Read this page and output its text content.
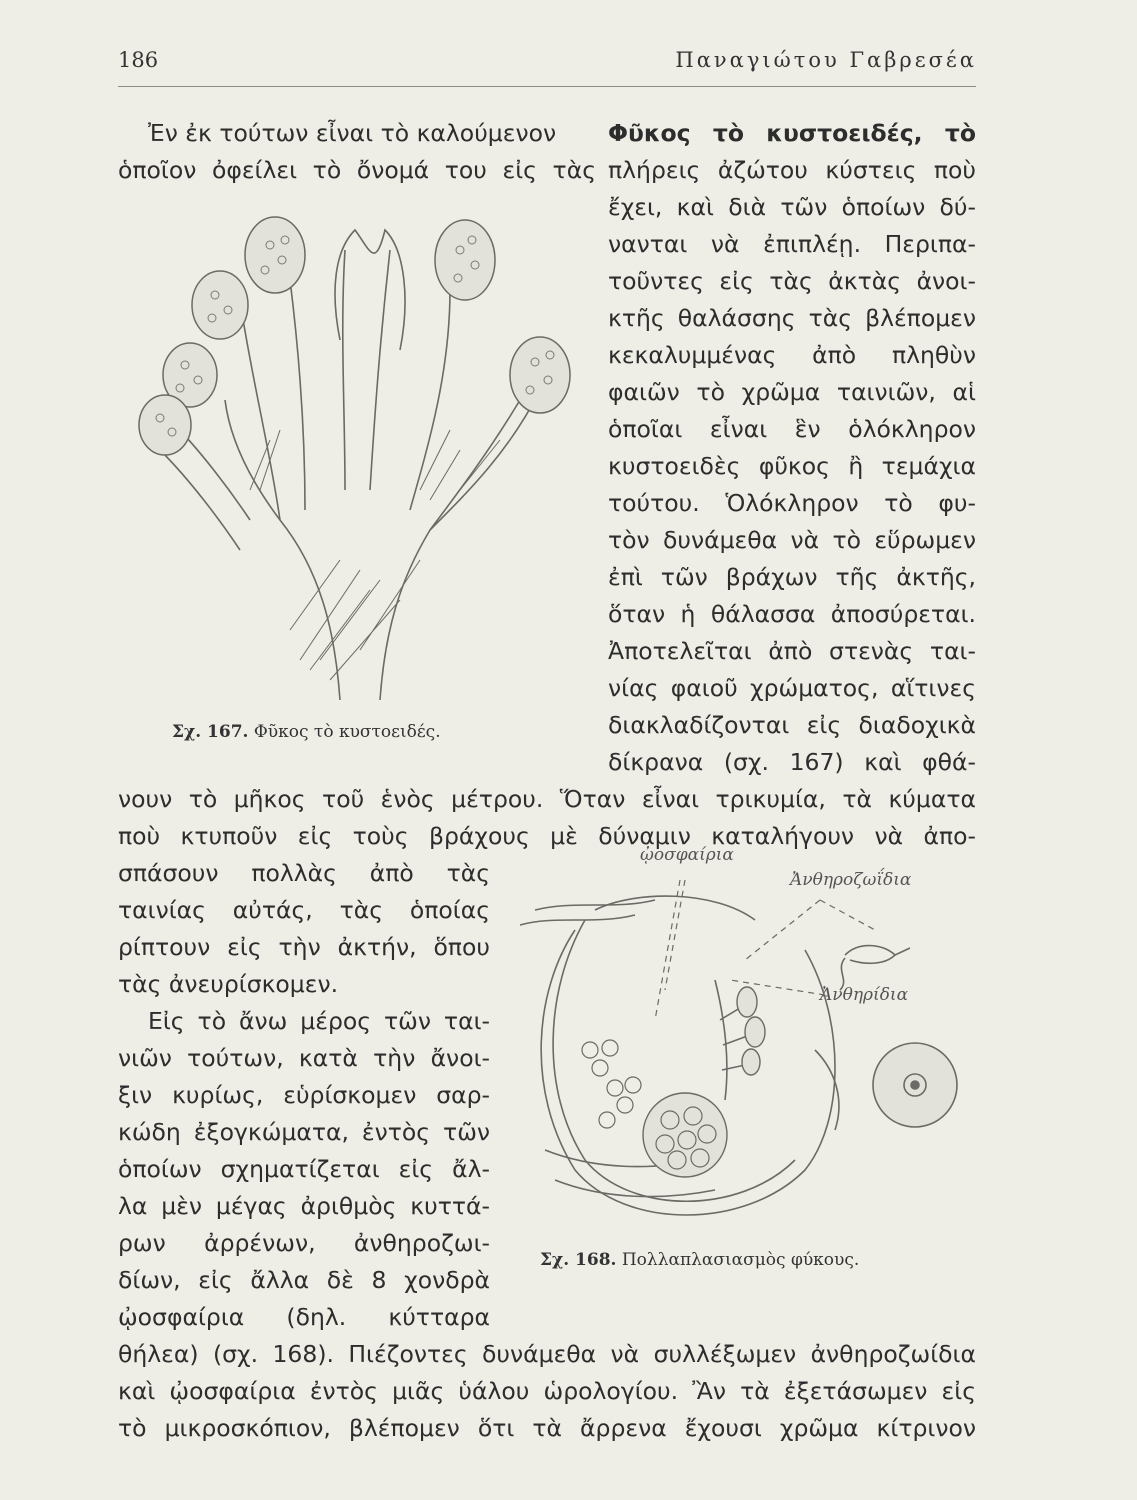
186	Παναγιώτου Γαβρεσέα
Ἐν ἐκ τούτων εἶναι τὸ καλούμενον Φῦκος τὸ κυστοειδές, τὸ
ὁποῖον ὀφείλει τὸ ὄνομά του εἰς τὰς πλήρεις ἀζώτου κύστεις ποὺ
ἔχει, καὶ διὰ τῶν ὁποίων δύ-
νανται νὰ ἐπιπλέῃ. Περιπα-
τοῦντες εἰς τὰς ἀκτὰς ἀνοι-
κτῆς θαλάσσης τὰς βλέπομεν
κεκαλυμμένας ἀπὸ πληθὺν
φαιῶν τὸ χρῶμα ταινιῶν, αἱ
ὁποῖαι εἶναι ἓν ὁλόκληρον
κυστοειδὲς φῦκος ἢ τεμάχια
τούτου. Ὁλόκληρον τὸ φυ-
τὸν δυνάμεθα νὰ τὸ εὕρωμεν
ἐπὶ τῶν βράχων τῆς ἀκτῆς,
ὅταν ἡ θάλασσα ἀποσύρεται.
Ἀποτελεῖται ἀπὸ στενὰς ται-
νίας φαιοῦ χρώματος, αἵτινες
διακλαδίζονται εἰς διαδοχικὰ
δίκρανα (σχ. 167) καὶ φθά-
νουν τὸ μῆκος τοῦ ἑνὸς μέτρου. Ὅταν εἶναι τρικυμία, τὰ κύματα
ποὺ κτυποῦν εἰς τοὺς βράχους μὲ δύναμιν καταλήγουν νὰ ἀπο-
σπάσουν πολλὰς ἀπὸ τὰς
ταινίας αὐτάς, τὰς ὁποίας
ρίπτουν εἰς τὴν ἀκτήν, ὅπου
τὰς ἀνευρίσκομεν.
Εἰς τὸ ἄνω μέρος τῶν ται-
νιῶν τούτων, κατὰ τὴν ἄνοι-
ξιν κυρίως, εὑρίσκομεν σαρ-
κώδη ἐξογκώματα, ἐντὸς τῶν
ὁποίων σχηματίζεται εἰς ἄλ-
λα μὲν μέγας ἀριθμὸς κυττά-
ρων ἀρρένων, ἀνθηροζωι-
δίων, εἰς ἄλλα δὲ 8 χονδρὰ
ᾠοσφαίρια (δηλ. κύτταρα
θήλεα) (σχ. 168). Πιέζοντες δυνάμεθα νὰ συλλέξωμεν ἀνθηροζωίδια
καὶ ᾠοσφαίρια ἐντὸς μιᾶς ὑάλου ὡρολογίου. Ἂν τὰ ἐξετάσωμεν εἰς
τὸ μικροσκόπιον, βλέπομεν ὅτι τὰ ἄρρενα ἔχουσι χρῶμα κίτρινον
Σχ. 167. Φῦκος τὸ κυστοειδές.
ᾠοσφαίρια
Ἀνθηροζωΐδια
Ἀνθηρίδια
Σχ. 168. Πολλαπλασιασμὸς φύκους.
